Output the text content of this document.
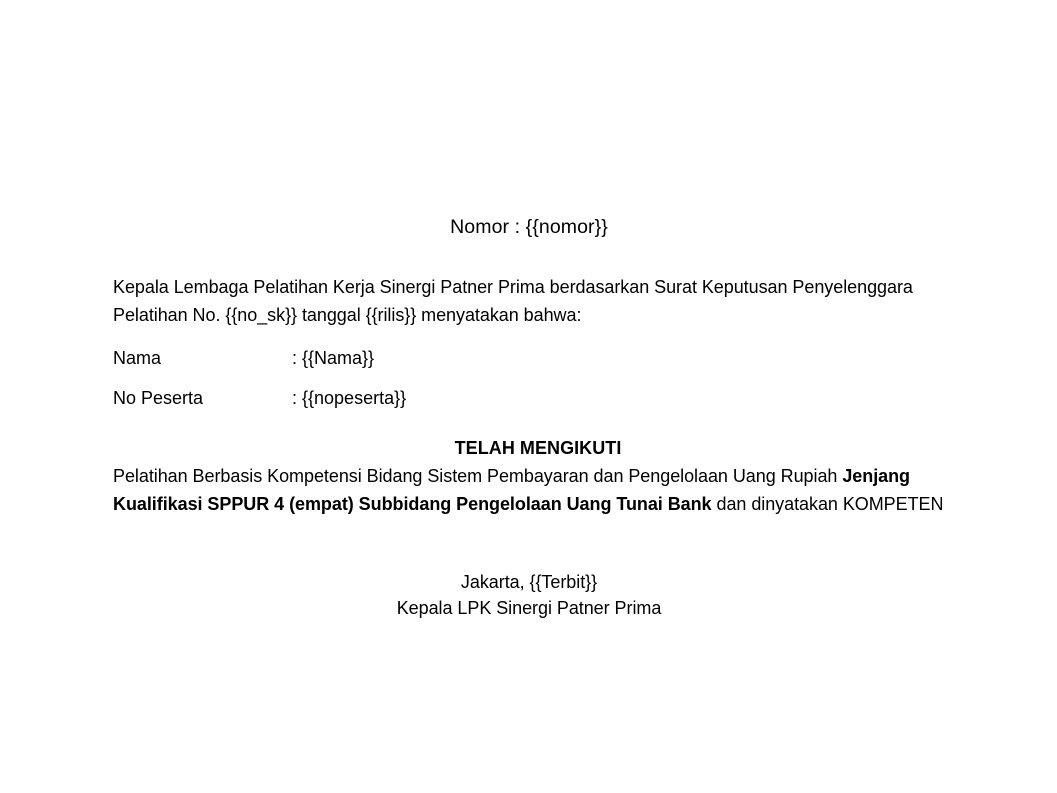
Nomor : {{nomor}}

Kepala Lembaga Pelatihan Kerja Sinergi Patner Prima berdasarkan Surat Keputusan Penyelenggara Pelatihan No. {{no_sk}} tanggal {{rilis}} menyatakan bahwa:

Nama	: {{Nama}}
No Peserta	: {{nopeserta}}
TELAH MENGIKUTI

Pelatihan Berbasis Kompetensi Bidang Sistem Pembayaran dan Pengelolaan Uang Rupiah Jenjang Kualifikasi SPPUR 4 (empat) Subbidang Pengelolaan Uang Tunai Bank dan dinyatakan KOMPETEN

Jakarta, {{Terbit}}
Kepala LPK Sinergi Patner Prima
